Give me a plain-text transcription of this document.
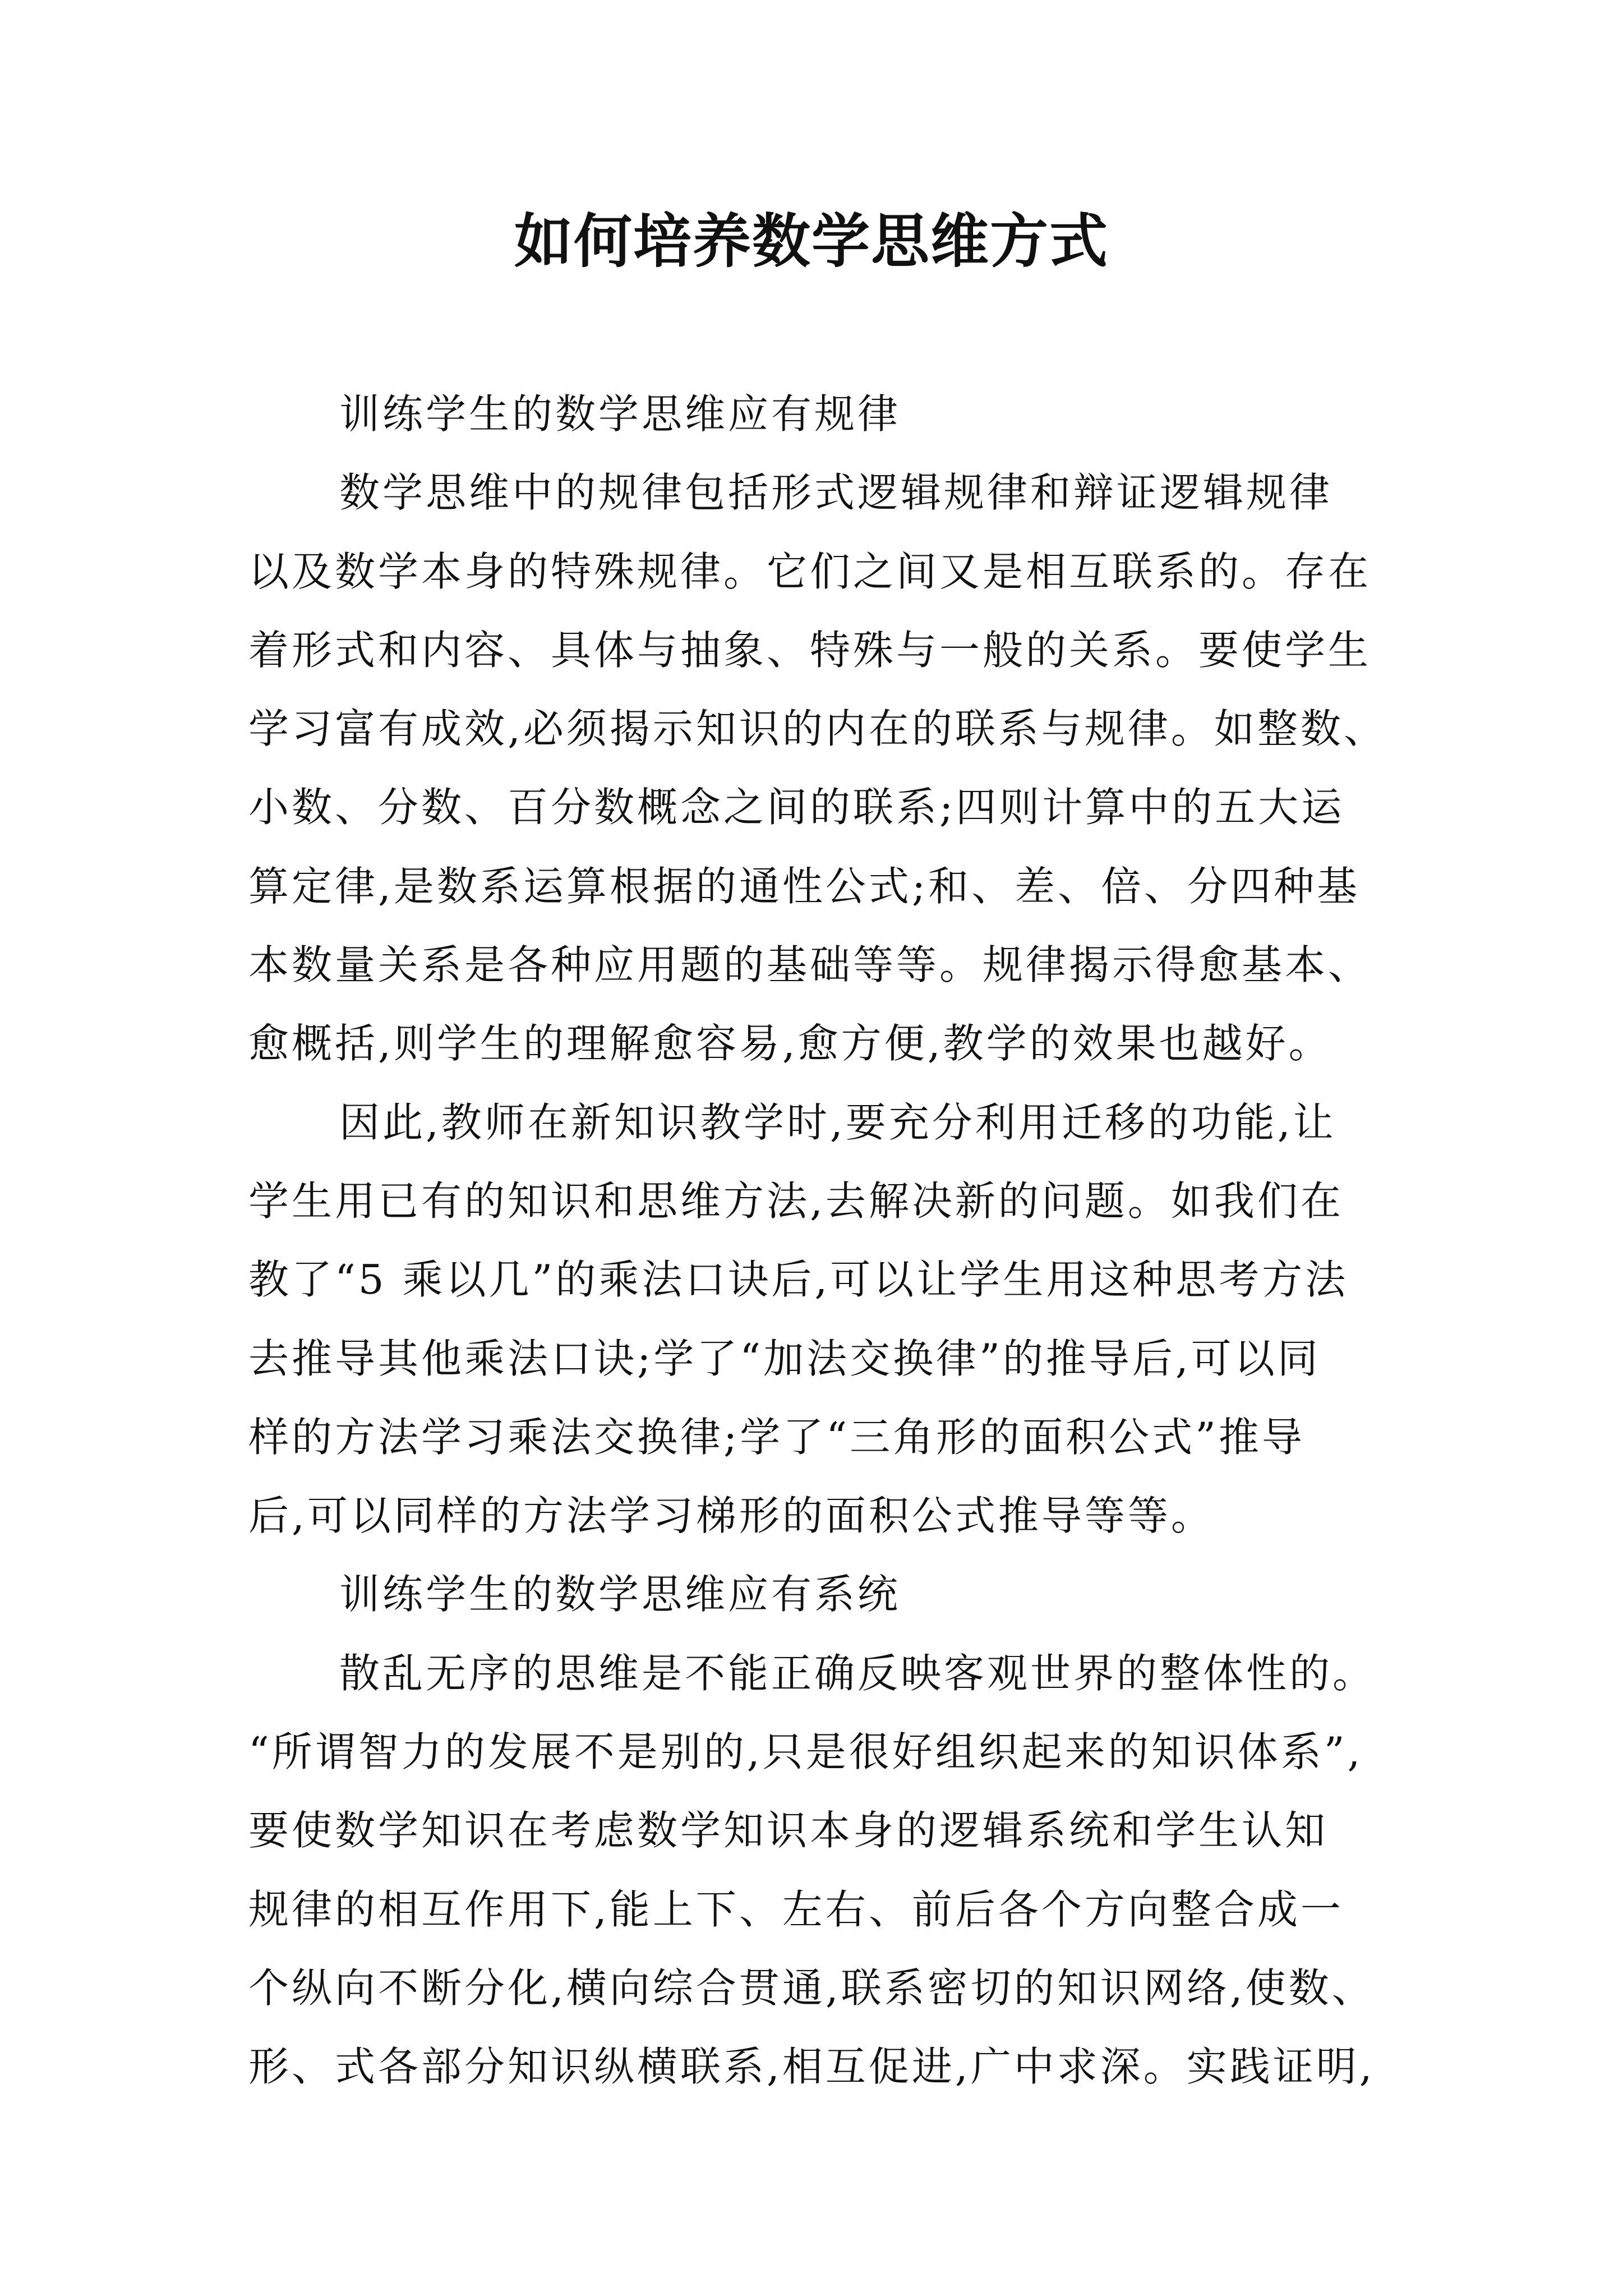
如何培养数学思维方式
训练学生的数学思维应有规律
数学思维中的规律包括形式逻辑规律和辩证逻辑规律
以及数学本身的特殊规律。它们之间又是相互联系的。存在
着形式和内容、具体与抽象、特殊与一般的关系。要使学生
学习富有成效,必须揭示知识的内在的联系与规律。如整数、
小数、分数、百分数概念之间的联系;四则计算中的五大运
算定律,是数系运算根据的通性公式;和、差、倍、分四种基
本数量关系是各种应用题的基础等等。规律揭示得愈基本、
愈概括,则学生的理解愈容易,愈方便,教学的效果也越好。
因此,教师在新知识教学时,要充分利用迁移的功能,让
学生用已有的知识和思维方法,去解决新的问题。如我们在
教了“5 乘以几”的乘法口诀后,可以让学生用这种思考方法
去推导其他乘法口诀;学了“加法交换律”的推导后,可以同
样的方法学习乘法交换律;学了“三角形的面积公式”推导
后,可以同样的方法学习梯形的面积公式推导等等。
训练学生的数学思维应有系统
散乱无序的思维是不能正确反映客观世界的整体性的。
“所谓智力的发展不是别的,只是很好组织起来的知识体系”,
要使数学知识在考虑数学知识本身的逻辑系统和学生认知
规律的相互作用下,能上下、左右、前后各个方向整合成一
个纵向不断分化,横向综合贯通,联系密切的知识网络,使数、
形、式各部分知识纵横联系,相互促进,广中求深。实践证明,
